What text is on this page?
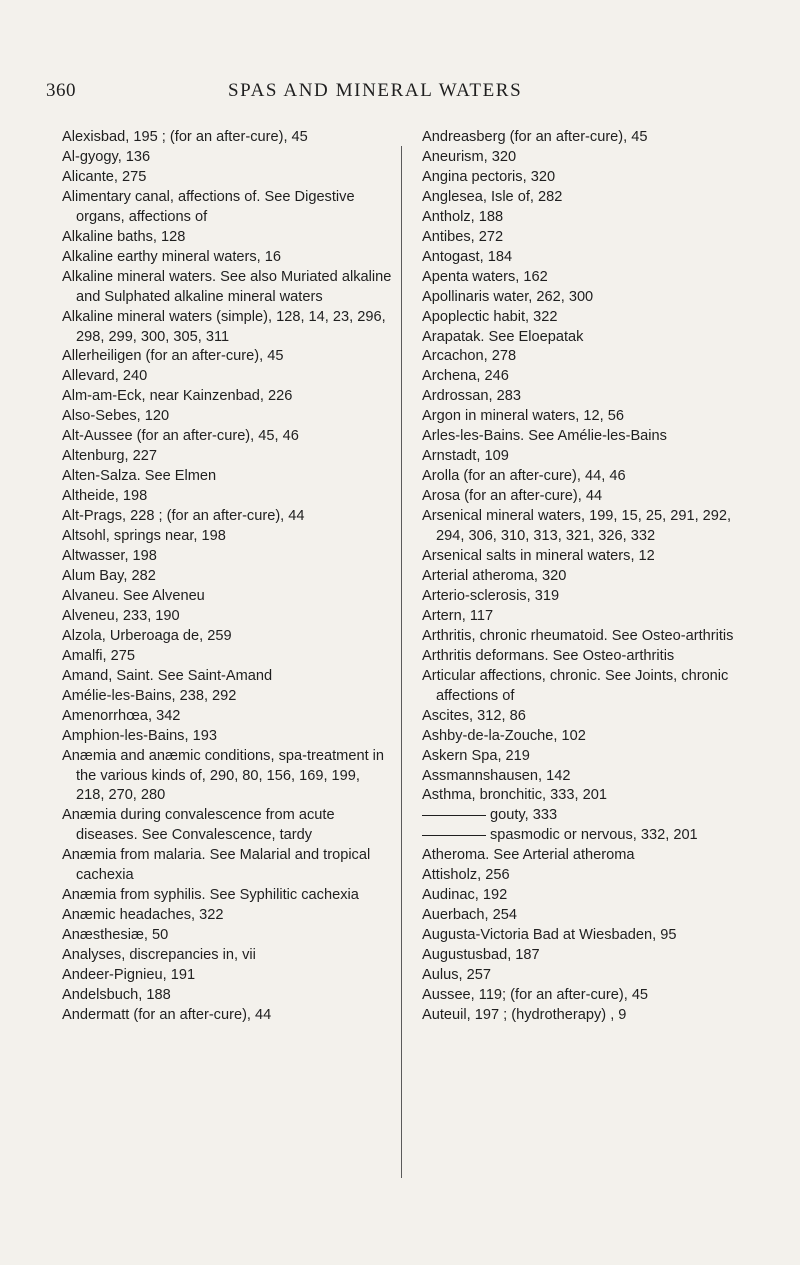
360	SPAS AND MINERAL WATERS

Alexisbad, 195 ; (for an after-cure), 45

Al-gyogy, 136

Alicante, 275

Alimentary canal, affections of. See Digestive organs, affections of

Alkaline baths, 128

Alkaline earthy mineral waters, 16

Alkaline mineral waters. See also Muriated alkaline and Sulphated alkaline mineral waters

Alkaline mineral waters (simple), 128, 14, 23, 296, 298, 299, 300, 305, 311

Allerheiligen (for an after-cure), 45

Allevard, 240

Alm-am-Eck, near Kainzenbad, 226

Also-Sebes, 120

Alt-Aussee (for an after-cure), 45, 46

Altenburg, 227

Alten-Salza. See Elmen

Altheide, 198

Alt-Prags, 228 ; (for an after-cure), 44

Altsohl, springs near, 198

Altwasser, 198

Alum Bay, 282

Alvaneu. See Alveneu

Alveneu, 233, 190

Alzola, Urberoaga de, 259

Amalfi, 275

Amand, Saint. See Saint-Amand

Amélie-les-Bains, 238, 292

Amenorrhœa, 342

Amphion-les-Bains, 193

Anæmia and anæmic conditions, spa-treatment in the various kinds of, 290, 80, 156, 169, 199, 218, 270, 280

Anæmia during convalescence from acute diseases. See Convalescence, tardy

Anæmia from malaria. See Malarial and tropical cachexia

Anæmia from syphilis. See Syphilitic cachexia

Anæmic headaches, 322

Anæsthesiæ, 50

Analyses, discrepancies in, vii

Andeer-Pignieu, 191

Andelsbuch, 188

Andermatt (for an after-cure), 44

Andreasberg (for an after-cure), 45

Aneurism, 320

Angina pectoris, 320

Anglesea, Isle of, 282

Antholz, 188

Antibes, 272

Antogast, 184

Apenta waters, 162

Apollinaris water, 262, 300

Apoplectic habit, 322

Arapatak. See Eloepatak

Arcachon, 278

Archena, 246

Ardrossan, 283

Argon in mineral waters, 12, 56

Arles-les-Bains. See Amélie-les-Bains

Arnstadt, 109

Arolla (for an after-cure), 44, 46

Arosa (for an after-cure), 44

Arsenical mineral waters, 199, 15, 25, 291, 292, 294, 306, 310, 313, 321, 326, 332

Arsenical salts in mineral waters, 12

Arterial atheroma, 320

Arterio-sclerosis, 319

Artern, 117

Arthritis, chronic rheumatoid. See Osteo-arthritis

Arthritis deformans. See Osteo-arthritis

Articular affections, chronic. See Joints, chronic affections of

Ascites, 312, 86

Ashby-de-la-Zouche, 102

Askern Spa, 219

Assmannshausen, 142

Asthma, bronchitic, 333, 201

gouty, 333

spasmodic or nervous, 332, 201

Atheroma. See Arterial atheroma

Attisholz, 256

Audinac, 192

Auerbach, 254

Augusta-Victoria Bad at Wiesbaden, 95

Augustusbad, 187

Aulus, 257

Aussee, 119; (for an after-cure), 45

Auteuil, 197 ; (hydrotherapy) , 9
